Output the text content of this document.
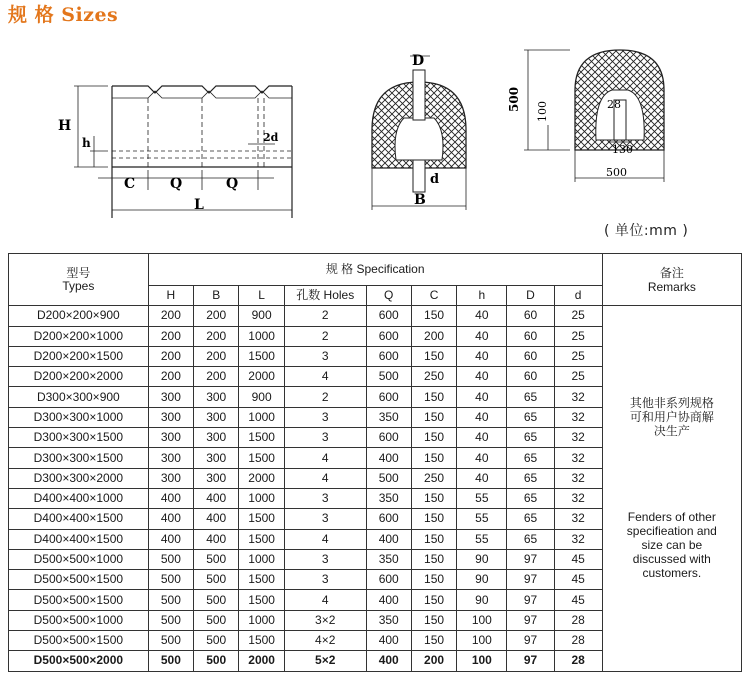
规 格 Sizes
H
h	2d
C Q	Q
L
D
d
B
500 100	28
130
500
( 单位:mm )
型号
Types	规 格 Specification									备注
Remarks
	H	B	L	孔数 Holes	Q	C	h	D	d	
D200×200×900	200	200	900	2	600	150	40	60	25	其他非系列规格可和用户协商解决生产
Fenders of other specifieation and size can be discussed with customers.

D200×200×1000	200	200	1000	2	600	200	40	60	25	
D200×200×1500	200	200	1500	3	600	150	40	60	25	
D200×200×2000	200	200	2000	4	500	250	40	60	25	
D300×300×900	300	300	900	2	600	150	40	65	32	
D300×300×1000	300	300	1000	3	350	150	40	65	32	
D300×300×1500	300	300	1500	3	600	150	40	65	32	
D300×300×1500	300	300	1500	4	400	150	40	65	32	
D300×300×2000	300	300	2000	4	500	250	40	65	32	
D400×400×1000	400	400	1000	3	350	150	55	65	32	
D400×400×1500	400	400	1500	3	600	150	55	65	32	
D400×400×1500	400	400	1500	4	400	150	55	65	32	
D500×500×1000	500	500	1000	3	350	150	90	97	45	
D500×500×1500	500	500	1500	3	600	150	90	97	45	
D500×500×1500	500	500	1500	4	400	150	90	97	45	
D500×500×1000	500	500	1000	3×2	350	150	100	97	28	
D500×500×1500	500	500	1500	4×2	400	150	100	97	28	
D500×500×2000	500	500	2000	5×2	400	200	100	97	28	
